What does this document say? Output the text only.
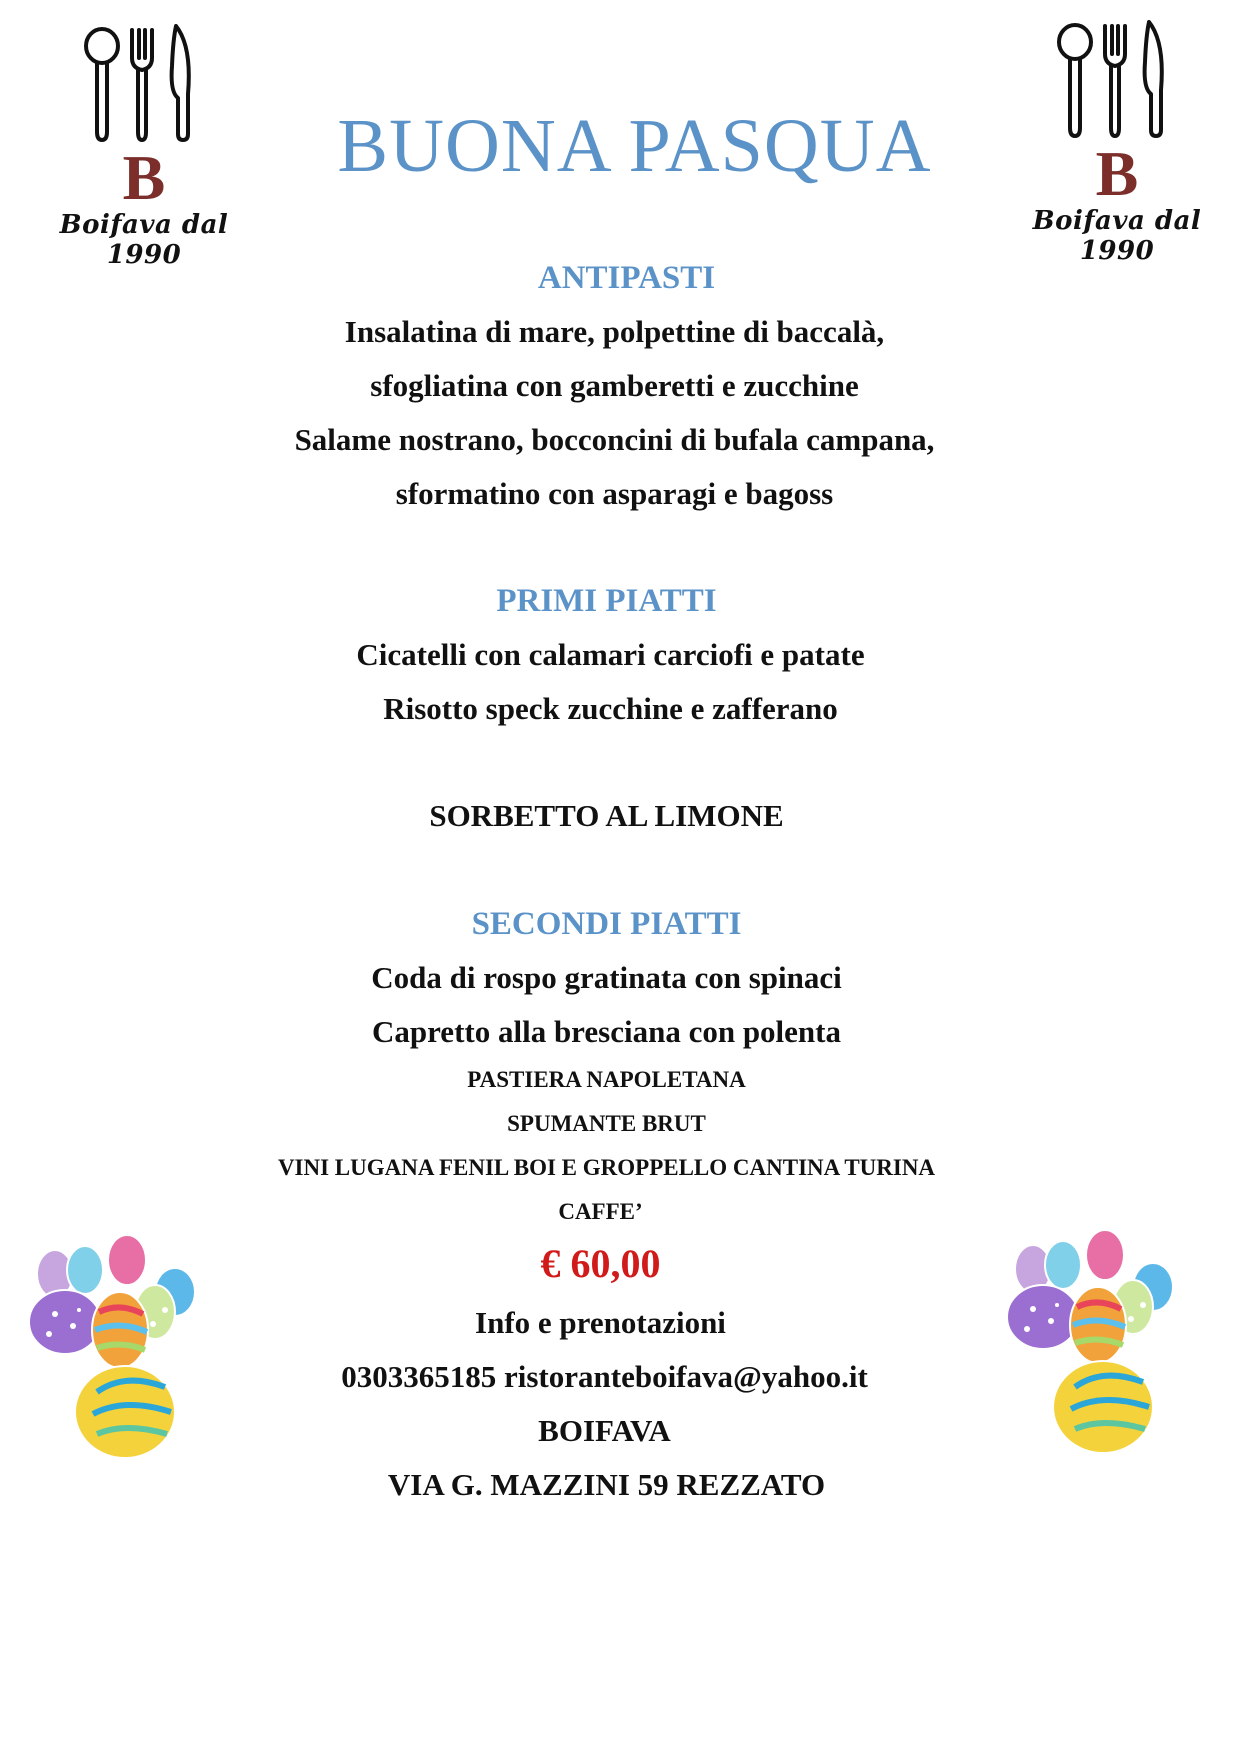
B
Boifava dal 1990
B
Boifava dal 1990
BUONA PASQUA
ANTIPASTI
Insalatina di mare, polpettine di baccalà,
sfogliatina con gamberetti e zucchine
Salame nostrano, bocconcini di bufala campana,
sformatino con asparagi e bagoss
PRIMI PIATTI
Cicatelli con calamari carciofi e patate
Risotto speck zucchine e zafferano
SORBETTO AL LIMONE
SECONDI PIATTI
Coda di rospo gratinata con spinaci
Capretto alla bresciana con polenta
PASTIERA NAPOLETANA
SPUMANTE BRUT
VINI LUGANA FENIL BOI E GROPPELLO CANTINA TURINA
CAFFE’
€ 60,00
Info e prenotazioni
0303365185 ristoranteboifava@yahoo.it
BOIFAVA
VIA G. MAZZINI 59 REZZATO
